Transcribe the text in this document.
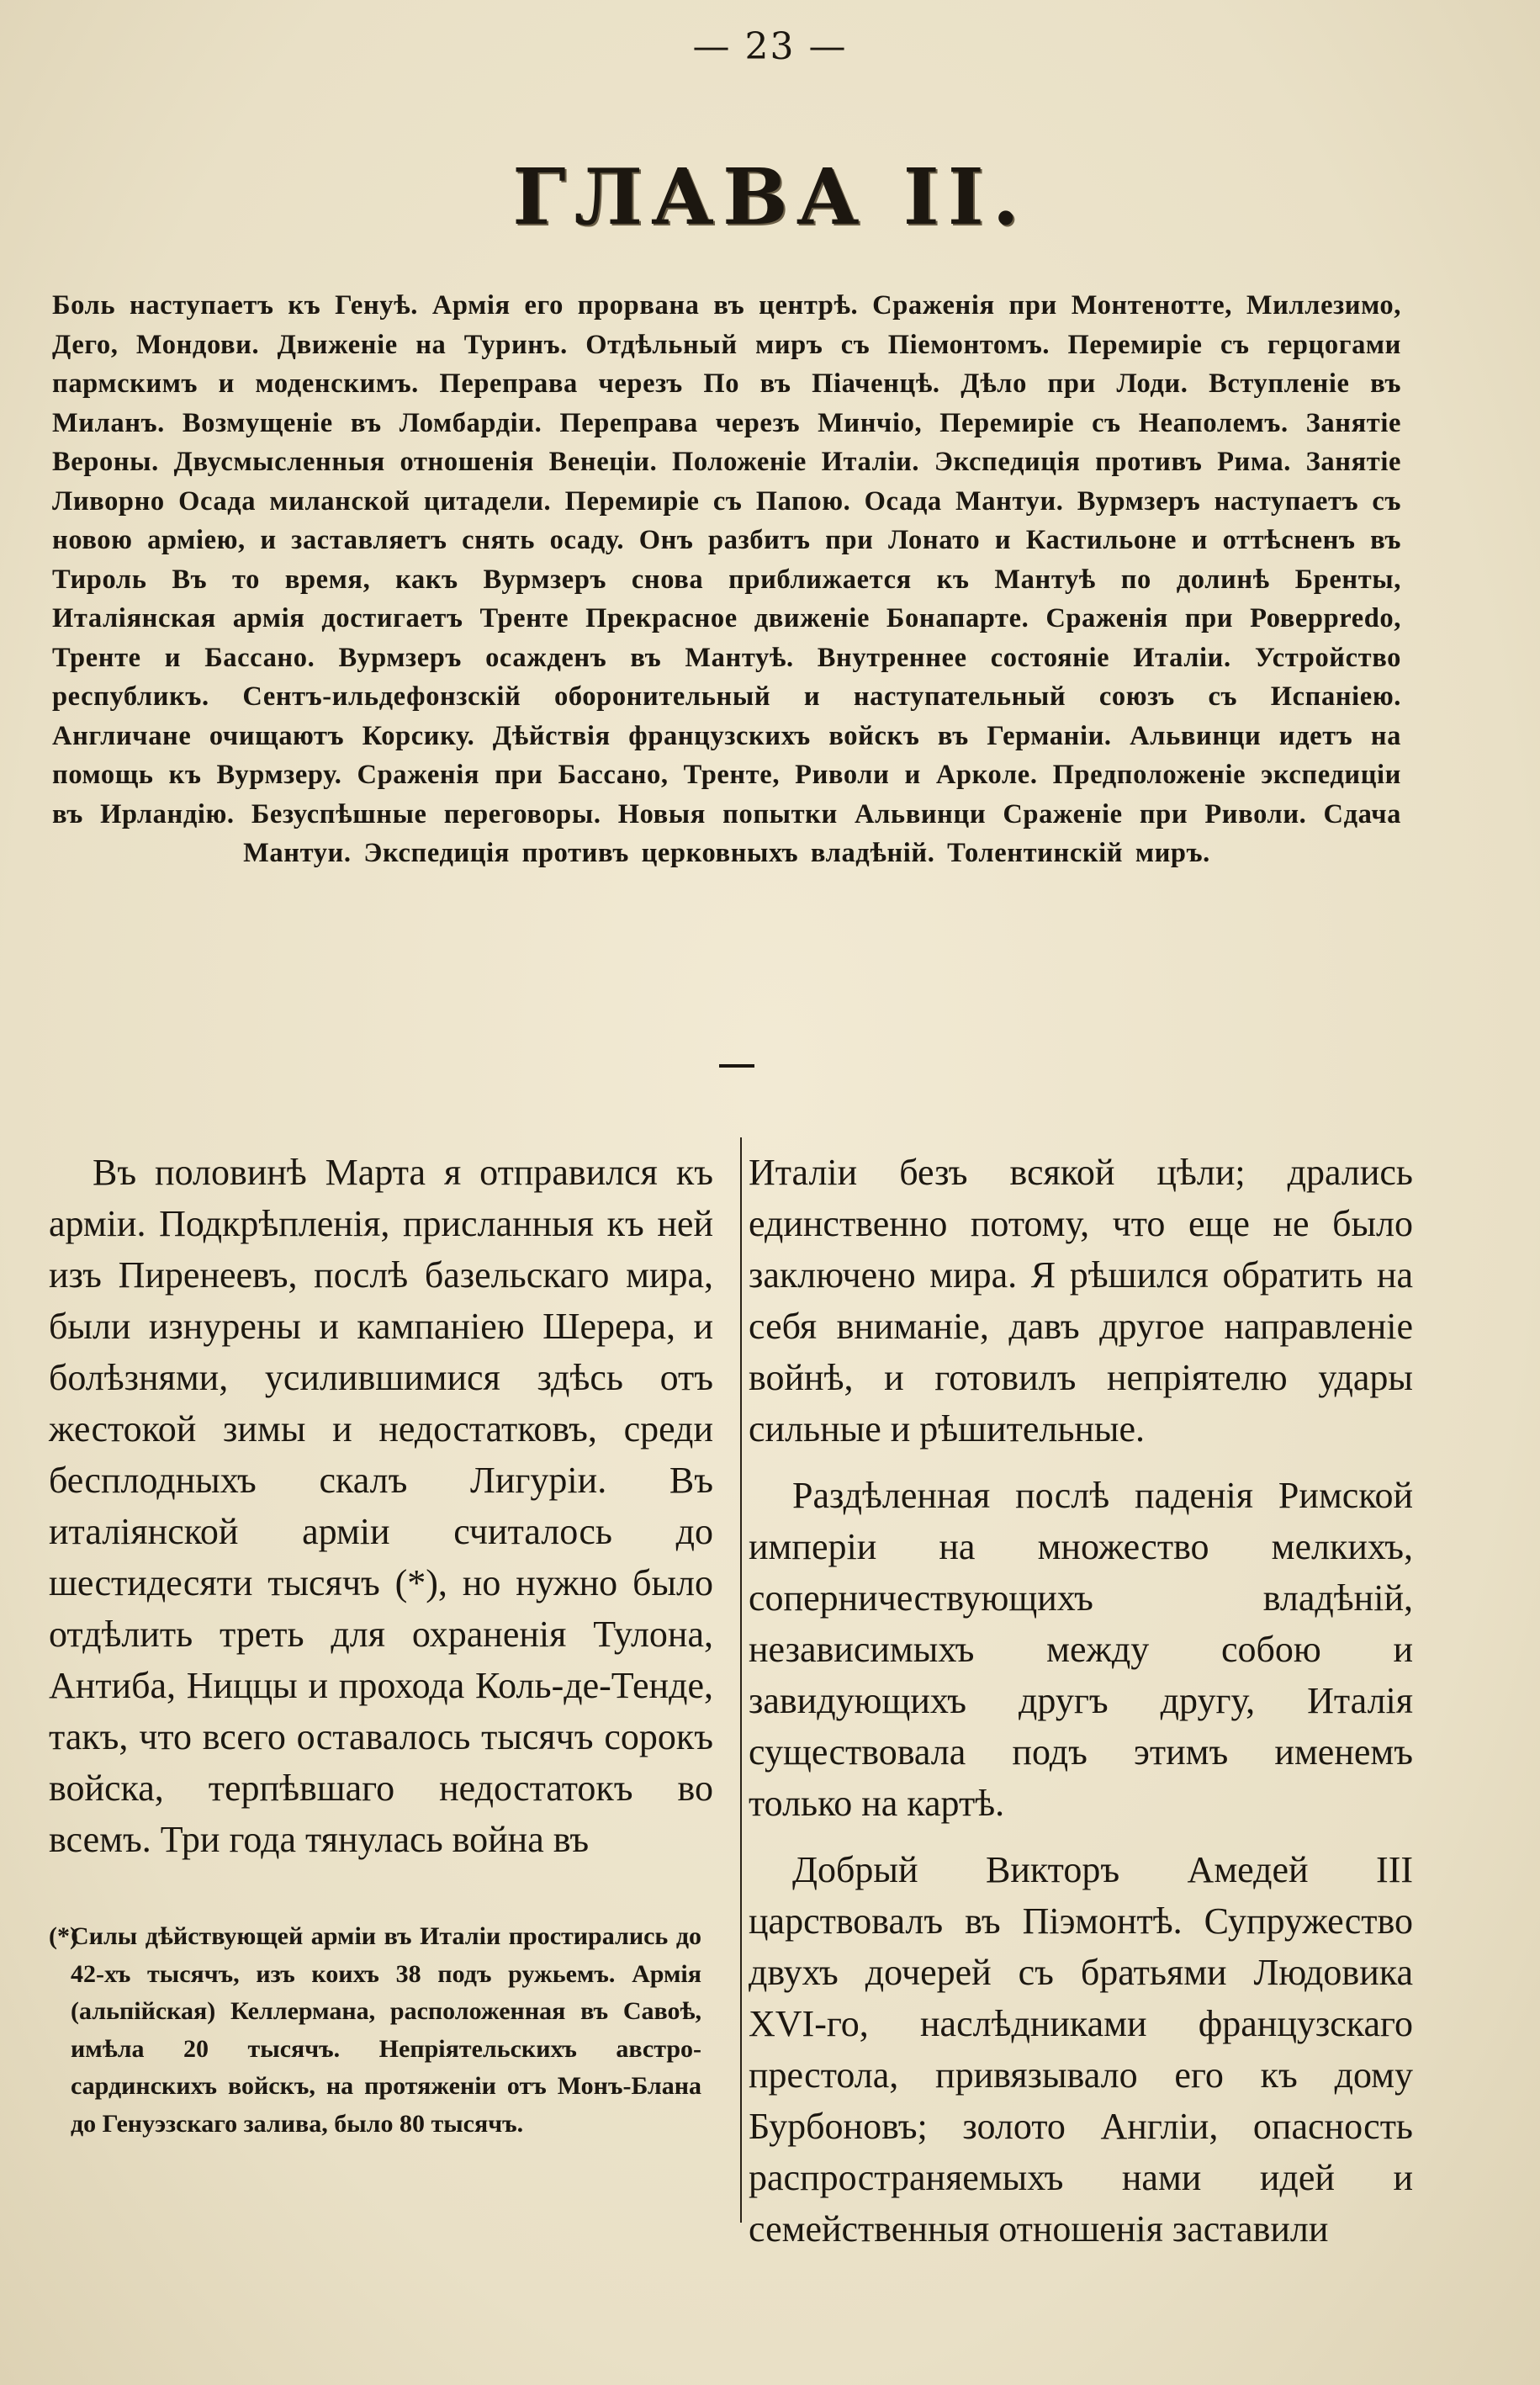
— 23 —
ГЛАВА II.
Боль наступаетъ къ Генуѣ. Армія его прорвана въ центрѣ. Сраженія при Монтенотте, Миллезимо, Дего, Мондови. Движеніе на Туринъ. Отдѣльный миръ съ Піемонтомъ. Перемиріе съ герцогами пармскимъ и моденскимъ. Переправа черезъ По въ Піаченцѣ. Дѣло при Лоди. Вступленіе въ Миланъ. Возмущеніе въ Ломбардіи. Переправа черезъ Минчіо, Перемиріе съ Неаполемъ. Занятіе Вероны. Двусмысленныя отношенія Венеціи. Положеніе Италіи. Экспедиція противъ Рима. Занятіе Ливорно Осада миланской цитадели. Перемиріе съ Папою. Осада Мантуи. Вурмзеръ наступаетъ съ новою арміею, и заставляетъ снять осаду. Онъ разбитъ при Лонато и Кастильоне и оттѣсненъ въ Тироль Въ то время, какъ Вурмзеръ снова приближается къ Мантуѣ по долинѣ Бренты, Италіянская армія достигаетъ Тренте Прекрасное движеніе Бонапарте. Сраженія при Роверpredo, Тренте и Бассано. Вурмзеръ осажденъ въ Мантуѣ. Внутреннее состояніе Италіи. Устройство республикъ. Сентъ-ильдефонзскій оборонительный и наступательный союзъ съ Испаніею. Англичане очищаютъ Корсику. Дѣйствія французскихъ войскъ въ Германіи. Альвинци идетъ на помощь къ Вурмзеру. Сраженія при Бассано, Тренте, Риволи и Арколе. Предположеніе экспедиціи въ Ирландію. Безуспѣшные переговоры. Новыя попытки Альвинци Сраженіе при Риволи. Сдача Мантуи. Экспедиція противъ церковныхъ владѣній. Толентинскій миръ.

Въ половинѣ Марта я отправился къ арміи. Подкрѣпленія, присланныя къ ней изъ Пиренеевъ, послѣ базельскаго мира, были изнурены и кампаніею Шерера, и болѣзнями, усилившимися здѣсь отъ жестокой зимы и недостатковъ, среди бесплодныхъ скалъ Лигуріи. Въ италіянской арміи считалось до шестидесяти тысячъ (*), но нужно было отдѣлить треть для охраненія Тулона, Антиба, Ниццы и прохода Коль-де-Тенде, такъ, что всего оставалось тысячъ сорокъ войска, терпѣвшаго недостатокъ во всемъ. Три года тянулась война въ

(*)
Силы дѣйствующей арміи въ Италіи простирались до 42-хъ тысячъ, изъ коихъ 38 подъ ружьемъ. Армія (альпійская) Келлермана, расположенная въ Савоѣ, имѣла 20 тысячъ. Непріятельскихъ австро-сардинскихъ войскъ, на протяженіи отъ Монъ-Блана до Генуэзскаго залива, было 80 тысячъ.

Италіи безъ всякой цѣли; дрались единственно потому, что еще не было заключено мира. Я рѣшился обратить на себя вниманіе, давъ другое направленіе войнѣ, и готовилъ непріятелю удары сильные и рѣшительные.

Раздѣленная послѣ паденія Римской имперіи на множество мелкихъ, соперничествующихъ владѣній, независимыхъ между собою и завидующихъ другъ другу, Италія существовала подъ этимъ именемъ только на картѣ.

Добрый Викторъ Амедей III царствовалъ въ Піэмонтѣ. Супружество двухъ дочерей съ братьями Людовика XVI-го, наслѣдниками французскаго престола, привязывало его къ дому Бурбоновъ; золото Англіи, опасность распространяемыхъ нами идей и семейственныя отношенія заставили
